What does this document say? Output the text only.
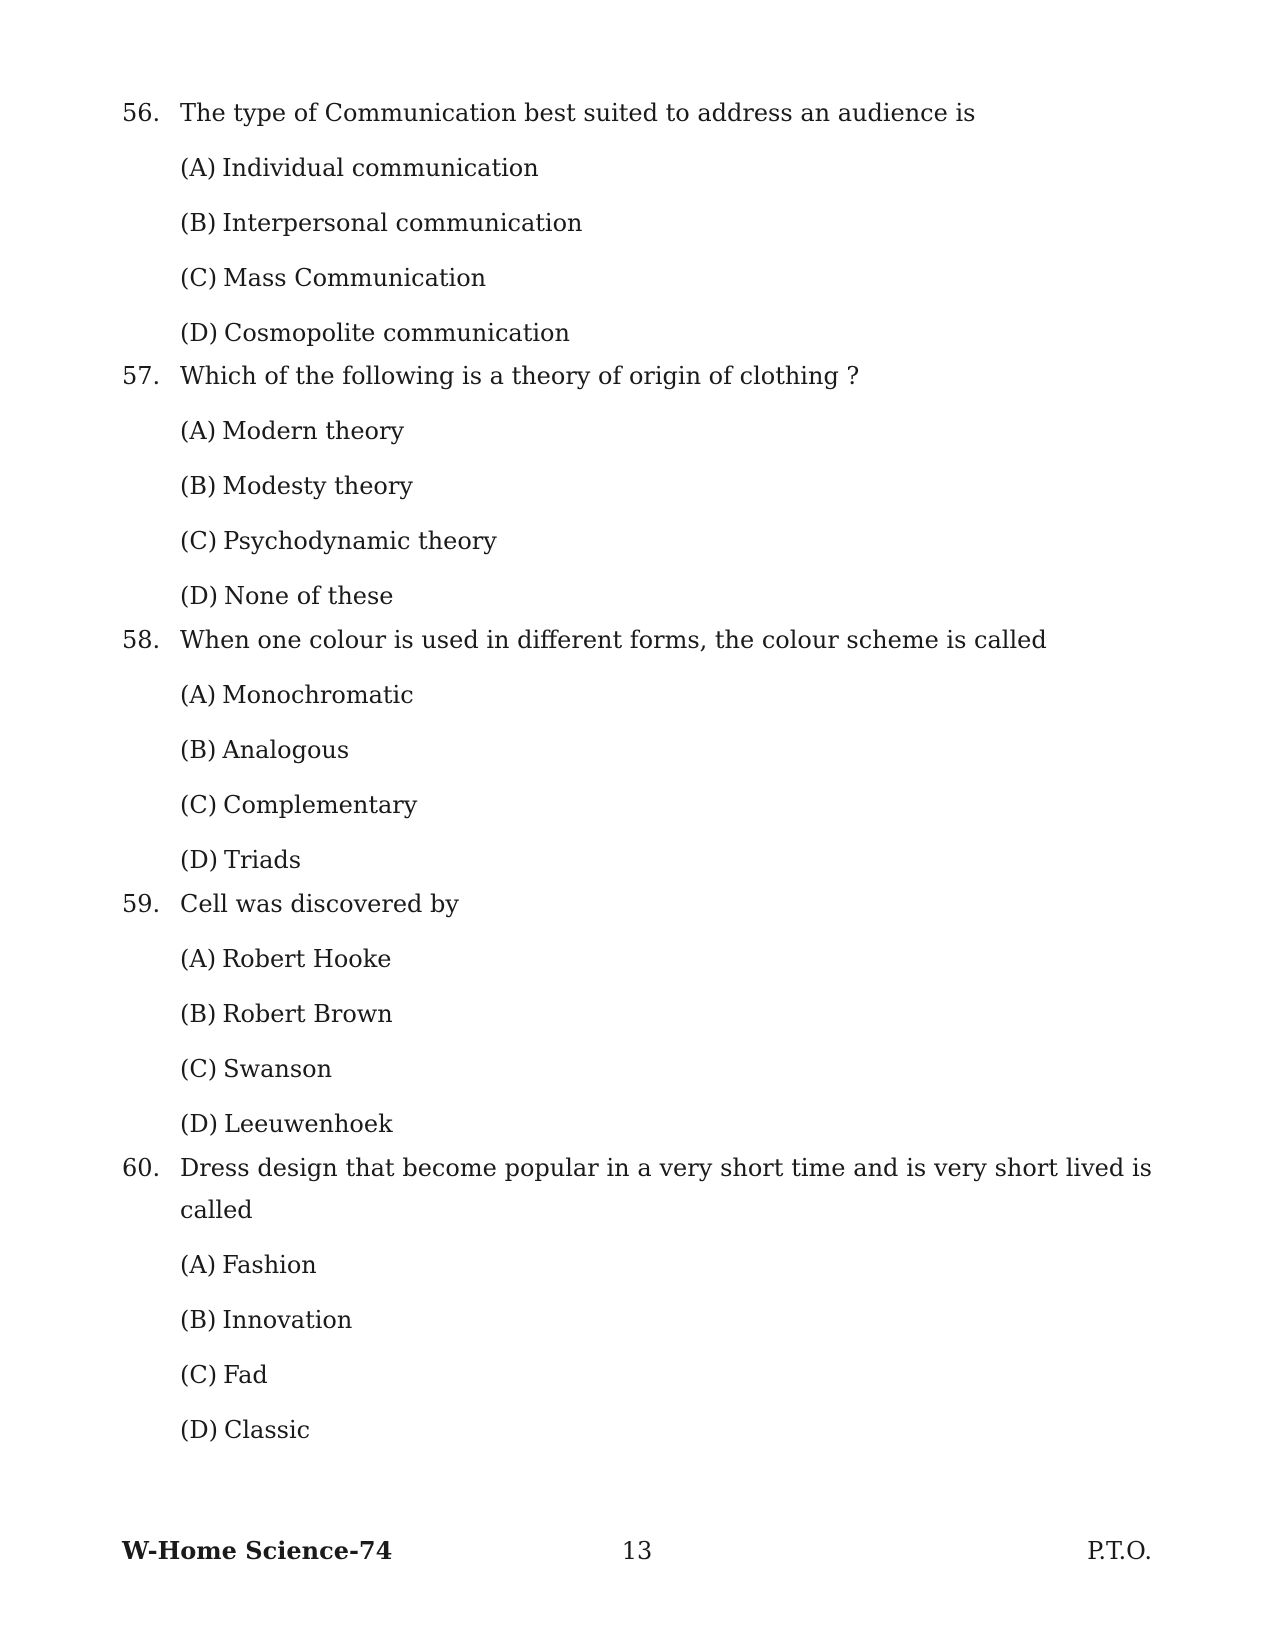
56. The type of Communication best suited to address an audience is
(A) Individual communication
(B) Interpersonal communication
(C) Mass Communication
(D) Cosmopolite communication
57. Which of the following is a theory of origin of clothing ?
(A) Modern theory
(B) Modesty theory
(C) Psychodynamic theory
(D) None of these
58. When one colour is used in different forms, the colour scheme is called
(A) Monochromatic
(B) Analogous
(C) Complementary
(D) Triads
59. Cell was discovered by
(A) Robert Hooke
(B) Robert Brown
(C) Swanson
(D) Leeuwenhoek
60. Dress design that become popular in a very short time and is very short lived is called
(A) Fashion
(B) Innovation
(C) Fad
(D) Classic
W-Home Science-74	13	P.T.O.
